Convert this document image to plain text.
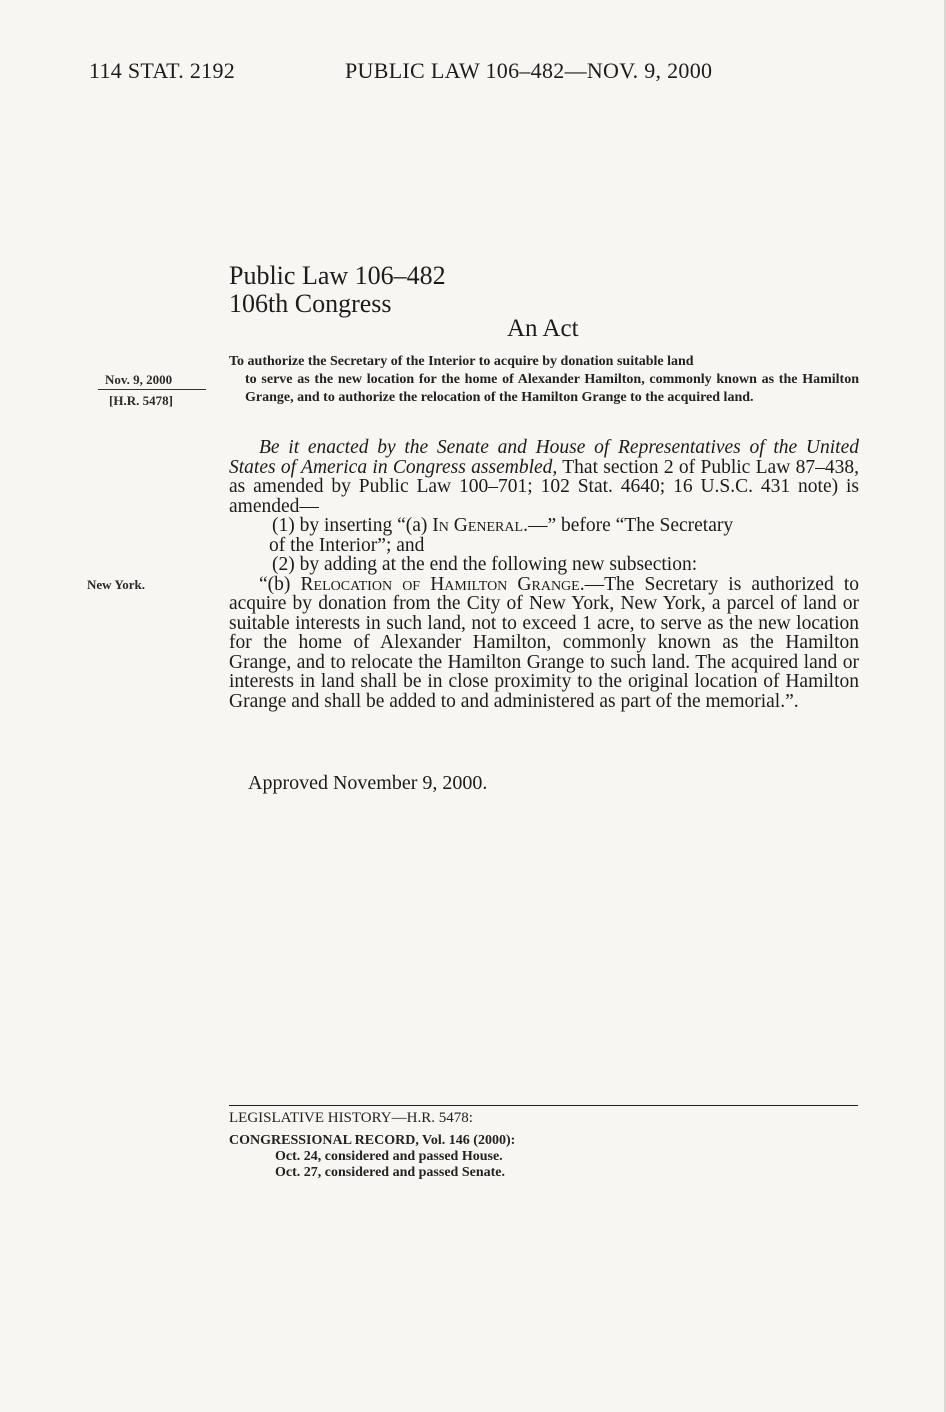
114 STAT. 2192	PUBLIC LAW 106–482—NOV. 9, 2000
Public Law 106–482
106th Congress
An Act
Nov. 9, 2000
[H.R. 5478]
New York.
To authorize the Secretary of the Interior to acquire by donation suitable land
to serve as the new location for the home of Alexander Hamilton, commonly known as the Hamilton Grange, and to authorize the relocation of the Hamilton Grange to the acquired land.

Be it enacted by the Senate and House of Representatives of the United States of America in Congress assembled, That section 2 of Public Law 87–438, as amended by Public Law 100–701; 102 Stat. 4640; 16 U.S.C. 431 note) is amended—

(1) by inserting “(a) In General.—” before “The Secretary

of the Interior”; and

(2) by adding at the end the following new subsection:

“(b) Relocation of Hamilton Grange.—The Secretary is authorized to acquire by donation from the City of New York, New York, a parcel of land or suitable interests in such land, not to exceed 1 acre, to serve as the new location for the home of Alexander Hamilton, commonly known as the Hamilton Grange, and to relocate the Hamilton Grange to such land. The acquired land or interests in land shall be in close proximity to the original location of Hamilton Grange and shall be added to and administered as part of the memorial.”.

Approved November 9, 2000.
LEGISLATIVE HISTORY—H.R. 5478:
CONGRESSIONAL RECORD, Vol. 146 (2000):
Oct. 24, considered and passed House.
Oct. 27, considered and passed Senate.
